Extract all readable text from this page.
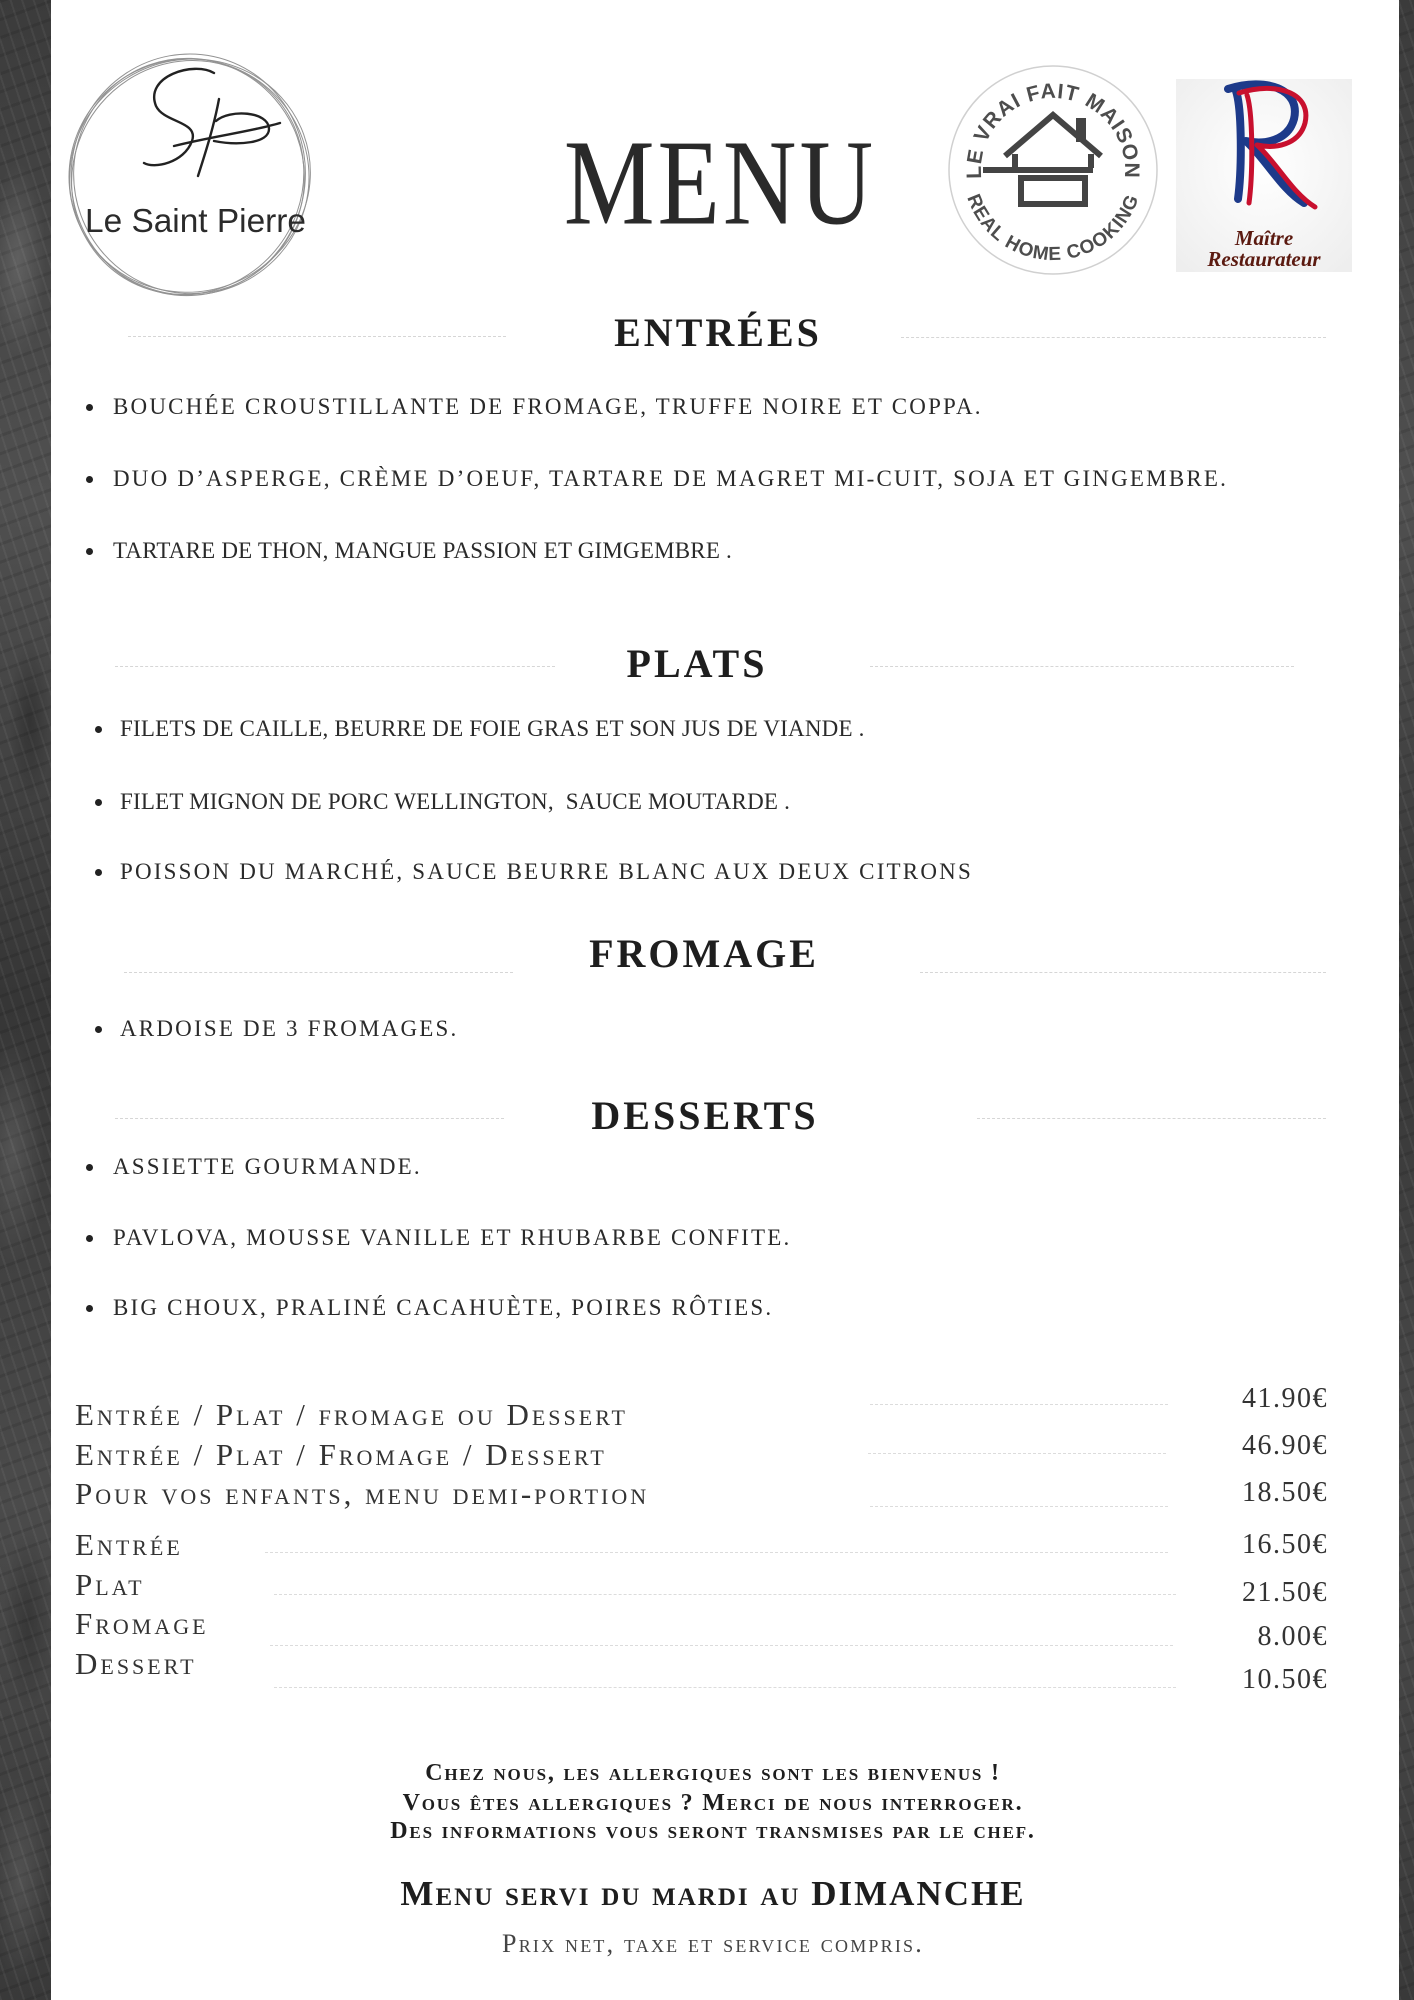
Le Saint Pierre	MENU	LE VRAI FAIT MAISON
REAL HOME COOKING
Maître
Restaurateur
ENTRÉES
BOUCHÉE CROUSTILLANTE DE FROMAGE, TRUFFE NOIRE ET COPPA.
DUO D’ASPERGE, CRÈME D’OEUF, TARTARE DE MAGRET MI-CUIT, SOJA ET GINGEMBRE.
TARTARE DE THON, MANGUE PASSION ET GIMGEMBRE .
PLATS
FILETS DE CAILLE, BEURRE DE FOIE GRAS ET SON JUS DE VIANDE .
FILET MIGNON DE PORC WELLINGTON,  SAUCE MOUTARDE .
POISSON DU MARCHÉ, SAUCE BEURRE BLANC AUX DEUX CITRONS
FROMAGE
ARDOISE DE 3 FROMAGES.
DESSERTS
ASSIETTE GOURMANDE.
PAVLOVA, MOUSSE VANILLE ET RHUBARBE CONFITE.
BIG CHOUX, PRALINÉ CACAHUÈTE, POIRES RÔTIES.
Entrée / Plat / fromage ou Dessert	41.90€
Entrée / Plat / Fromage / Dessert	46.90€
Pour vos enfants, menu demi-portion	18.50€
Entrée	16.50€
Plat	21.50€
Fromage	8.00€
Dessert	10.50€
Chez nous, les allergiques sont les bienvenus !
Vous êtes allergiques ? Merci de nous interroger.
Des informations vous seront transmises par le chef.
Menu servi du mardi au DIMANCHE
Prix net, taxe et service compris.
